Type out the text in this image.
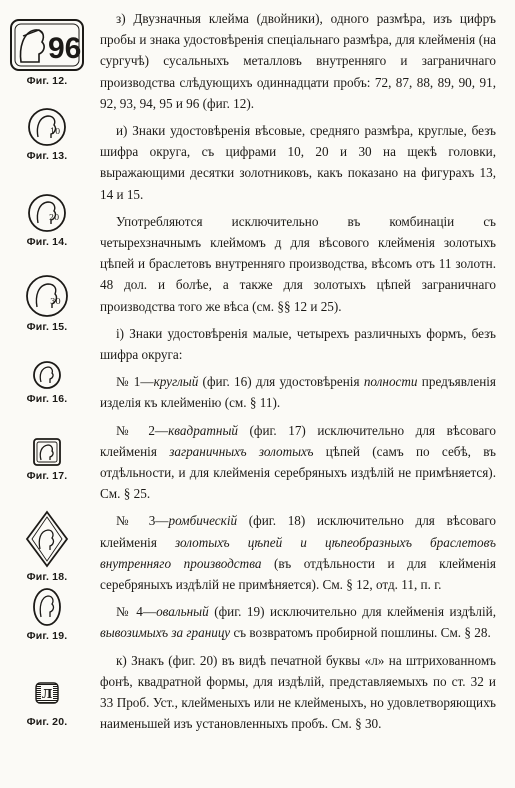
96
Фиг. 12.
10
Фиг. 13.
20
Фиг. 14.
30
Фиг. 15.
Фиг. 16.
Фиг. 17.
Фиг. 18.
Фиг. 19.
Л
Фиг. 20.

з) Двузначныя клейма (двойники), одного размѣра, изъ цифръ пробы и знака удостовѣренія спеціальнаго размѣра, для клейменія (на сургучѣ) сусальныхъ металловъ внутренняго и заграничнаго производства слѣдующихъ одиннадцати пробъ: 72, 87, 88, 89, 90, 91, 92, 93, 94, 95 и 96 (фиг. 12).

и) Знаки удостовѣренія вѣсовые, средняго размѣра, круглые, безъ шифра округа, съ цифрами 10, 20 и 30 на щекѣ головки, выражающими десятки золотниковъ, какъ показано на фигурахъ 13, 14 и 15.

Употребляются исключительно въ комбинаціи съ четырехзначнымъ клеймомъ д для вѣсового клейменія золотыхъ цѣпей и браслетовъ внутренняго производства, вѣсомъ отъ 11 золотн. 48 дол. и болѣе, а также для золотыхъ цѣпей заграничнаго производства того же вѣса (см. §§ 12 и 25).

і) Знаки удостовѣренія малые, четырехъ различныхъ формъ, безъ шифра округа:

№ 1—круглый (фиг. 16) для удостовѣренія полности предъявленія изделія къ клейменію (см. § 11).

№ 2—квадратный (фиг. 17) исключительно для вѣсоваго клейменія заграничныхъ золотыхъ цѣпей (самъ по себѣ, въ отдѣльности, и для клейменія серебряныхъ издѣлій не примѣняется). См. § 25.

№ 3—ромбическій (фиг. 18) исключительно для вѣсоваго клейменія золотыхъ цѣпей и цѣпеобразныхъ браслетовъ внутренняго производства (въ отдѣльности и для клейменія серебряныхъ издѣлій не примѣняется). См. § 12, отд. 11, п. г.

№ 4—овальный (фиг. 19) исключительно для клейменія издѣлій, вывозимыхъ за границу съ возвратомъ пробирной пошлины. См. § 28.

к) Знакъ (фиг. 20) въ видѣ печатной буквы «л» на штрихованномъ фонѣ, квадратной формы, для издѣлій, представляемыхъ по ст. 32 и 33 Проб. Уст., клейменыхъ или не клейменыхъ, но удовлетворяющихъ наименьшей изъ установленныхъ пробъ. См. § 30.
